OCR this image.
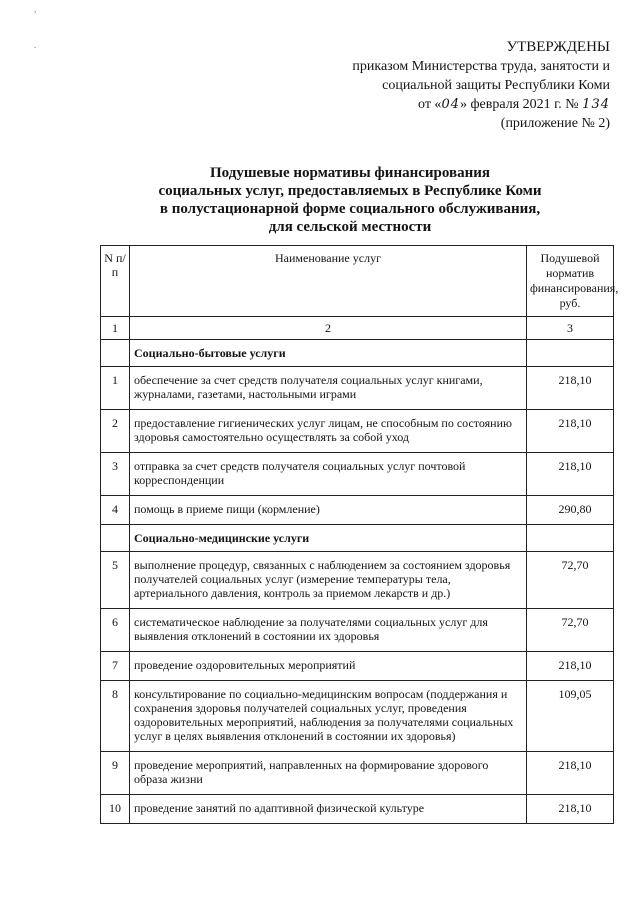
,
.	УТВЕРЖДЕНЫ
приказом Министерства труда, занятости и
социальной защиты Республики Коми
от «04» февраля 2021 г. № 134
(приложение № 2)
Подушевые нормативы финансирования
социальных услуг, предоставляемых в Республике Коми
в полустационарной форме социального обслуживания,
для сельской местности
N п/п	Наименование услуг	Подушевой норматив финансирования, руб.
1	2	3
	Социально-бытовые услуги	
1	обеспечение за счет средств получателя социальных услуг книгами, журналами, газетами, настольными играми	218,10
2	предоставление гигиенических услуг лицам, не способным по состоянию здоровья самостоятельно осуществлять за собой уход	218,10
3	отправка за счет средств получателя социальных услуг почтовой корреспонденции	218,10
4	помощь в приеме пищи (кормление)	290,80
	Социально-медицинские услуги	
5	выполнение процедур, связанных с наблюдением за состоянием здоровья получателей социальных услуг (измерение температуры тела, артериального давления, контроль за приемом лекарств и др.)	72,70
6	систематическое наблюдение за получателями социальных услуг для выявления отклонений в состоянии их здоровья	72,70
7	проведение оздоровительных мероприятий	218,10
8	консультирование по социально-медицинским вопросам (поддержания и сохранения здоровья получателей социальных услуг, проведения оздоровительных мероприятий, наблюдения за получателями социальных услуг в целях выявления отклонений в состоянии их здоровья)	109,05
9	проведение мероприятий, направленных на формирование здорового образа жизни	218,10
10	проведение занятий по адаптивной физической культуре	218,10
